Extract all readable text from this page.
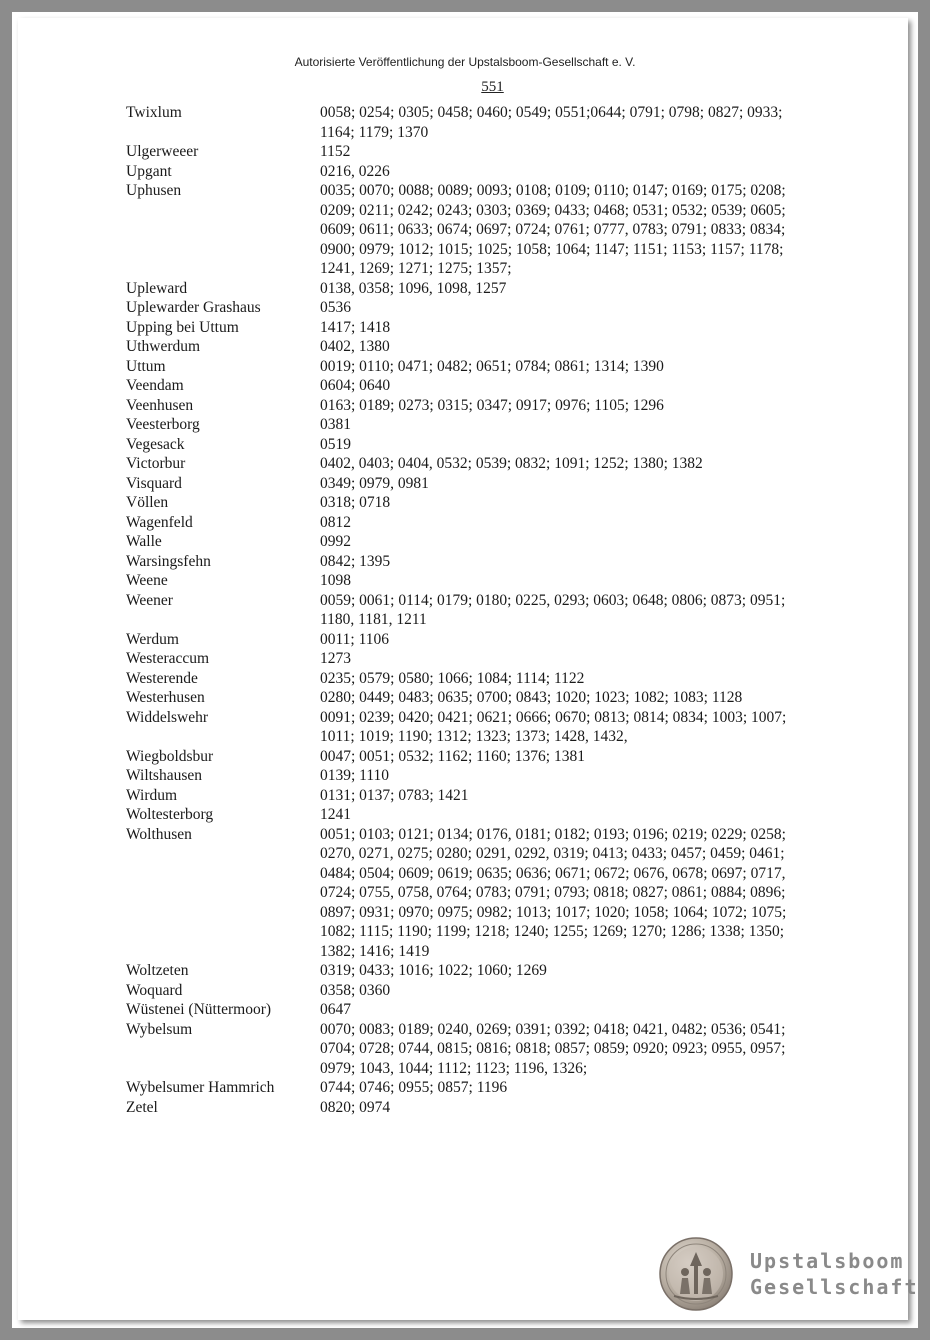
Autorisierte Veröffentlichung der Upstalsboom-Gesellschaft e. V.
551
Twixlum	0058; 0254; 0305; 0458; 0460; 0549; 0551;0644; 0791; 0798; 0827; 0933;
1164; 1179; 1370
Ulgerweeer	1152
Upgant	0216, 0226
Uphusen	0035; 0070; 0088; 0089; 0093; 0108; 0109; 0110; 0147; 0169; 0175; 0208;
0209; 0211; 0242; 0243; 0303; 0369; 0433; 0468; 0531; 0532; 0539; 0605;
0609; 0611; 0633; 0674; 0697; 0724; 0761; 0777, 0783; 0791; 0833; 0834;
0900; 0979; 1012; 1015; 1025; 1058; 1064; 1147; 1151; 1153; 1157; 1178;
1241, 1269; 1271; 1275; 1357;
Upleward	0138, 0358; 1096, 1098, 1257
Uplewarder Grashaus	0536
Upping bei Uttum	1417; 1418
Uthwerdum	0402, 1380
Uttum	0019; 0110; 0471; 0482; 0651; 0784; 0861; 1314; 1390
Veendam	0604; 0640
Veenhusen	0163; 0189; 0273; 0315; 0347; 0917; 0976; 1105; 1296
Veesterborg	0381
Vegesack	0519
Victorbur	0402, 0403; 0404, 0532; 0539; 0832; 1091; 1252; 1380; 1382
Visquard	0349; 0979, 0981
Völlen	0318; 0718
Wagenfeld	0812
Walle	0992
Warsingsfehn	0842; 1395
Weene	1098
Weener	0059; 0061; 0114; 0179; 0180; 0225, 0293; 0603; 0648; 0806; 0873; 0951;
1180, 1181, 1211
Werdum	0011; 1106
Westeraccum	1273
Westerende	0235; 0579; 0580; 1066; 1084; 1114; 1122
Westerhusen	0280; 0449; 0483; 0635; 0700; 0843; 1020; 1023; 1082; 1083; 1128
Widdelswehr	0091; 0239; 0420; 0421; 0621; 0666; 0670; 0813; 0814; 0834; 1003; 1007;
1011; 1019; 1190; 1312; 1323; 1373; 1428, 1432,
Wiegboldsbur	0047; 0051; 0532; 1162; 1160; 1376; 1381
Wiltshausen	0139; 1110
Wirdum	0131; 0137; 0783; 1421
Woltesterborg	1241
Wolthusen	0051; 0103; 0121; 0134; 0176, 0181; 0182; 0193; 0196; 0219; 0229; 0258;
0270, 0271, 0275; 0280; 0291, 0292, 0319; 0413; 0433; 0457; 0459; 0461;
0484; 0504; 0609; 0619; 0635; 0636; 0671; 0672; 0676, 0678; 0697; 0717,
0724; 0755, 0758, 0764; 0783; 0791; 0793; 0818; 0827; 0861; 0884; 0896;
0897; 0931; 0970; 0975; 0982; 1013; 1017; 1020; 1058; 1064; 1072; 1075;
1082; 1115; 1190; 1199; 1218; 1240; 1255; 1269; 1270; 1286; 1338; 1350;
1382; 1416; 1419
Woltzeten	0319; 0433; 1016; 1022; 1060; 1269
Woquard	0358; 0360
Wüstenei (Nüttermoor)	0647
Wybelsum	0070; 0083; 0189; 0240, 0269; 0391; 0392; 0418; 0421, 0482; 0536; 0541;
0704; 0728; 0744, 0815; 0816; 0818; 0857; 0859; 0920; 0923; 0955, 0957;
0979; 1043, 1044; 1112; 1123; 1196, 1326;
Wybelsumer Hammrich	0744; 0746; 0955; 0857; 1196
Zetel	0820; 0974
Upstalsboom
Gesellschaft
